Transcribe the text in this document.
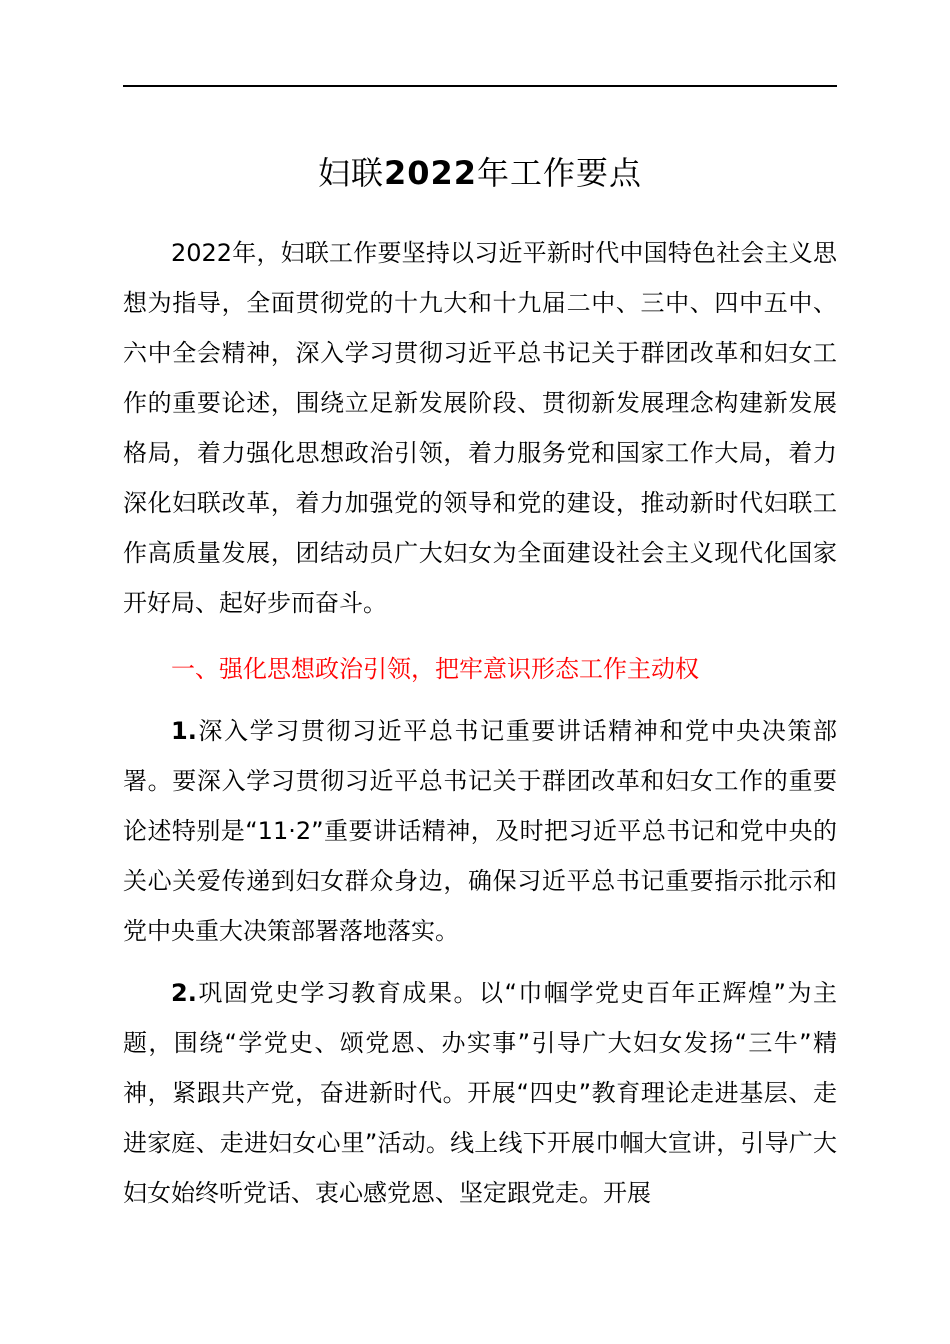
妇联2022年工作要点

2022年，妇联工作要坚持以习近平新时代中国特色社会主义思想为指导，全面贯彻党的十九大和十九届二中、三中、四中五中、六中全会精神，深入学习贯彻习近平总书记关于群团改革和妇女工作的重要论述，围绕立足新发展阶段、贯彻新发展理念构建新发展格局，着力强化思想政治引领，着力服务党和国家工作大局，着力深化妇联改革，着力加强党的领导和党的建设，推动新时代妇联工作高质量发展，团结动员广大妇女为全面建设社会主义现代化国家开好局、起好步而奋斗。

一、强化思想政治引领，把牢意识形态工作主动权

1.深入学习贯彻习近平总书记重要讲话精神和党中央决策部署。要深入学习贯彻习近平总书记关于群团改革和妇女工作的重要论述特别是“11·2”重要讲话精神，及时把习近平总书记和党中央的关心关爱传递到妇女群众身边，确保习近平总书记重要指示批示和党中央重大决策部署落地落实。

2.巩固党史学习教育成果。以“巾帼学党史百年正辉煌”为主题，围绕“学党史、颂党恩、办实事”引导广大妇女发扬“三牛”精神，紧跟共产党，奋进新时代。开展“四史”教育理论走进基层、走进家庭、走进妇女心里”活动。线上线下开展巾帼大宣讲，引导广大妇女始终听党话、衷心感党恩、坚定跟党走。开展
